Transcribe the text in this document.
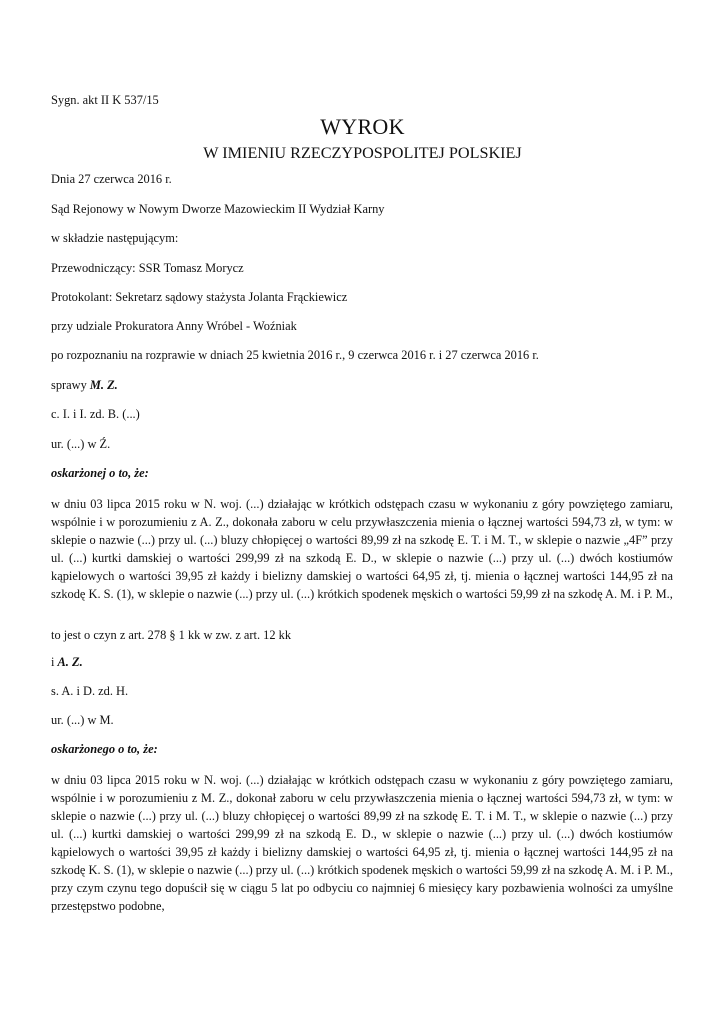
Sygn. akt II K 537/15
WYROK
W IMIENIU RZECZYPOSPOLITEJ POLSKIEJ
Dnia 27 czerwca 2016 r.
Sąd Rejonowy w Nowym Dworze Mazowieckim II Wydział Karny
w składzie następującym:
Przewodniczący: SSR Tomasz Morycz
Protokolant: Sekretarz sądowy stażysta Jolanta Frąckiewicz
przy udziale Prokuratora Anny Wróbel - Woźniak
po rozpoznaniu na rozprawie w dniach 25 kwietnia 2016 r., 9 czerwca 2016 r. i 27 czerwca 2016 r.
sprawy M. Z.
c. I. i I. zd. B. (...)
ur. (...) w Ź.
oskarżonej o to, że:
w dniu 03 lipca 2015 roku w N. woj. (...) działając w krótkich odstępach czasu w wykonaniu z góry powziętego zamiaru, wspólnie i w porozumieniu z A. Z., dokonała zaboru w celu przywłaszczenia mienia o łącznej wartości 594,73 zł, w tym: w sklepie o nazwie (...) przy ul. (...) bluzy chłopięcej o wartości 89,99 zł na szkodę E. T. i M. T., w sklepie o nazwie „4F” przy ul. (...) kurtki damskiej o wartości 299,99 zł na szkodą E. D., w sklepie o nazwie (...) przy ul. (...) dwóch kostiumów kąpielowych o wartości 39,95 zł każdy i bielizny damskiej o wartości 64,95 zł, tj. mienia o łącznej wartości 144,95 zł na szkodę K. S. (1), w sklepie o nazwie (...) przy ul. (...) krótkich spodenek męskich o wartości 59,99 zł na szkodę A. M. i P. M.,
to jest o czyn z art. 278 § 1 kk w zw. z art. 12 kk
i A. Z.
s. A. i D. zd. H.
ur. (...) w M.
oskarżonego o to, że:
w dniu 03 lipca 2015 roku w N. woj. (...) działając w krótkich odstępach czasu w wykonaniu z góry powziętego zamiaru, wspólnie i w porozumieniu z M. Z., dokonał zaboru w celu przywłaszczenia mienia o łącznej wartości 594,73 zł, w tym: w sklepie o nazwie (...) przy ul. (...) bluzy chłopięcej o wartości 89,99 zł na szkodę E. T. i M. T., w sklepie o nazwie (...) przy ul. (...) kurtki damskiej o wartości 299,99 zł na szkodą E. D., w sklepie o nazwie (...) przy ul. (...) dwóch kostiumów kąpielowych o wartości 39,95 zł każdy i bielizny damskiej o wartości 64,95 zł, tj. mienia o łącznej wartości 144,95 zł na szkodę K. S. (1), w sklepie o nazwie (...) przy ul. (...) krótkich spodenek męskich o wartości 59,99 zł na szkodę A. M. i P. M., przy czym czynu tego dopuścił się w ciągu 5 lat po odbyciu co najmniej 6 miesięcy kary pozbawienia wolności za umyślne przestępstwo podobne,
